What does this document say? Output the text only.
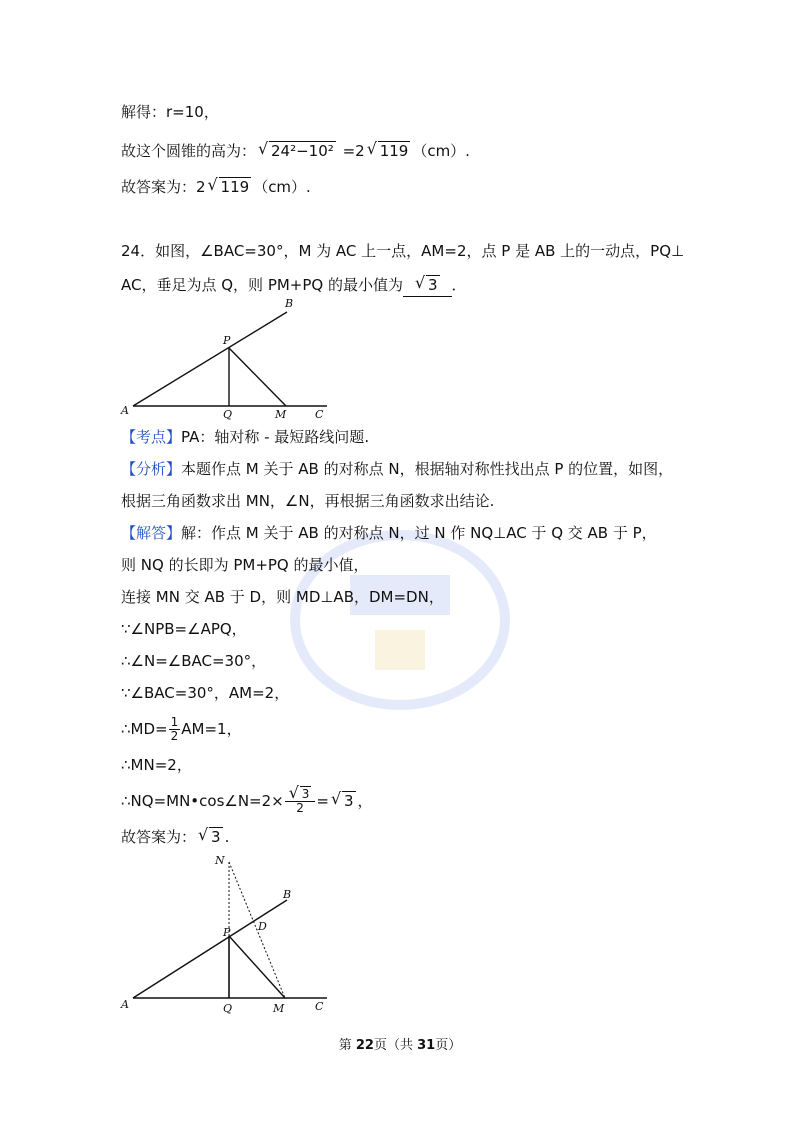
解得：r=10，
故这个圆锥的高为： √ 24²−10² =2 √ 119 （cm）.
故答案为：2 √ 119 （cm）.
24．如图，∠BAC=30°，M 为 AC 上一点，AM=2，点 P 是 AB 上的一动点，PQ⊥
AC，垂足为点 Q，则 PM+PQ 的最小值为 √ 3 ．
A
B
P
Q	M	C
【考点】PA：轴对称 - 最短路线问题.
【分析】本题作点 M 关于 AB 的对称点 N，根据轴对称性找出点 P 的位置，如图，
根据三角函数求出 MN，∠N，再根据三角函数求出结论.
【解答】解：作点 M 关于 AB 的对称点 N，过 N 作 NQ⊥AC 于 Q 交 AB 于 P，
则 NQ 的长即为 PM+PQ 的最小值，
连接 MN 交 AB 于 D，则 MD⊥AB，DM=DN，
∵∠NPB=∠APQ，
∴∠N=∠BAC=30°，
∵∠BAC=30°，AM=2，
∴MD= $\frac{1}{2} AM=1$，
∴MN=2，
∴NQ=MN•cos∠N=2× √ $\frac{3}{2}$ = √ 3 ，
故答案为： √ 3 .
N
A
B
P	D
Q	M	C
第 22页（共 31页）
